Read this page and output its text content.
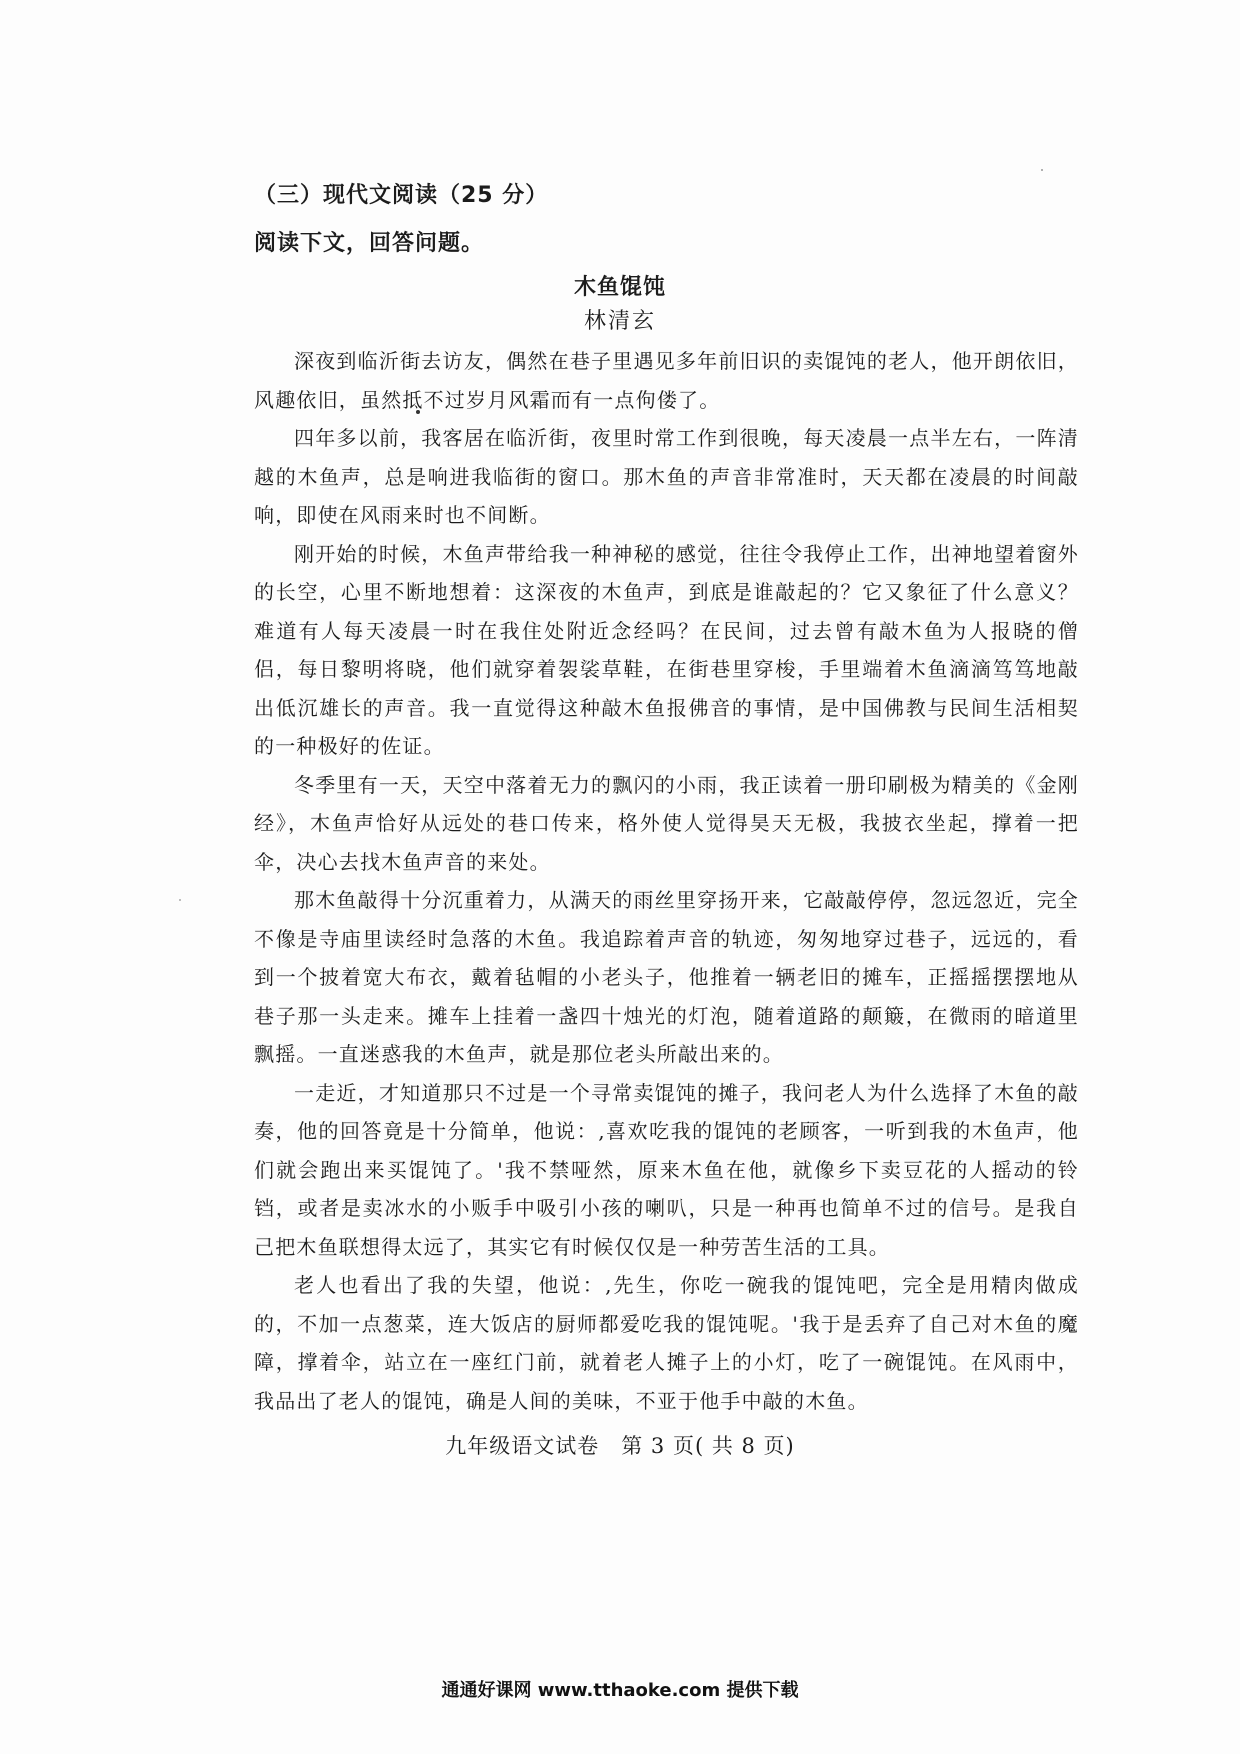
（三）现代文阅读（25 分）
阅读下文，回答问题。
木鱼馄饨
林清玄

深夜到临沂街去访友，偶然在巷子里遇见多年前旧识的卖馄饨的老人，他开朗依旧，风趣依旧，虽然抵不过岁月风霜而有一点佝偻了。

四年多以前，我客居在临沂街，夜里时常工作到很晚，每天凌晨一点半左右，一阵清越的木鱼声，总是响进我临街的窗口。那木鱼的声音非常准时，天天都在凌晨的时间敲响，即使在风雨来时也不间断。

刚开始的时候，木鱼声带给我一种神秘的感觉，往往令我停止工作，出神地望着窗外的长空，心里不断地想着：这深夜的木鱼声，到底是谁敲起的？它又象征了什么意义？难道有人每天凌晨一时在我住处附近念经吗？在民间，过去曾有敲木鱼为人报晓的僧侣，每日黎明将晓，他们就穿着袈裟草鞋，在街巷里穿梭，手里端着木鱼滴滴笃笃地敲出低沉雄长的声音。我一直觉得这种敲木鱼报佛音的事情，是中国佛教与民间生活相契的一种极好的佐证。

冬季里有一天，天空中落着无力的飘闪的小雨，我正读着一册印刷极为精美的《金刚经》，木鱼声恰好从远处的巷口传来，格外使人觉得昊天无极，我披衣坐起，撑着一把伞，决心去找木鱼声音的来处。

那木鱼敲得十分沉重着力，从满天的雨丝里穿扬开来，它敲敲停停，忽远忽近，完全不像是寺庙里读经时急落的木鱼。我追踪着声音的轨迹，匆匆地穿过巷子，远远的，看到一个披着宽大布衣，戴着毡帽的小老头子，他推着一辆老旧的摊车，正摇摇摆摆地从巷子那一头走来。摊车上挂着一盏四十烛光的灯泡，随着道路的颠簸，在微雨的暗道里飘摇。一直迷惑我的木鱼声，就是那位老头所敲出来的。

一走近，才知道那只不过是一个寻常卖馄饨的摊子，我问老人为什么选择了木鱼的敲奏，他的回答竟是十分简单，他说：‚喜欢吃我的馄饨的老顾客，一听到我的木鱼声，他们就会跑出来买馄饨了。'我不禁哑然，原来木鱼在他，就像乡下卖豆花的人摇动的铃铛，或者是卖冰水的小贩手中吸引小孩的喇叭，只是一种再也简单不过的信号。是我自己把木鱼联想得太远了，其实它有时候仅仅是一种劳苦生活的工具。

老人也看出了我的失望，他说：‚先生，你吃一碗我的馄饨吧，完全是用精肉做成的，不加一点葱菜，连大饭店的厨师都爱吃我的馄饨呢。'我于是丢弃了自己对木鱼的魔障，撑着伞，站立在一座红门前，就着老人摊子上的小灯，吃了一碗馄饨。在风雨中，我品出了老人的馄饨，确是人间的美味，不亚于他手中敲的木鱼。

九年级语文试卷　第 3 页( 共 8 页)
通通好课网 www.tthaoke.com 提供下载
